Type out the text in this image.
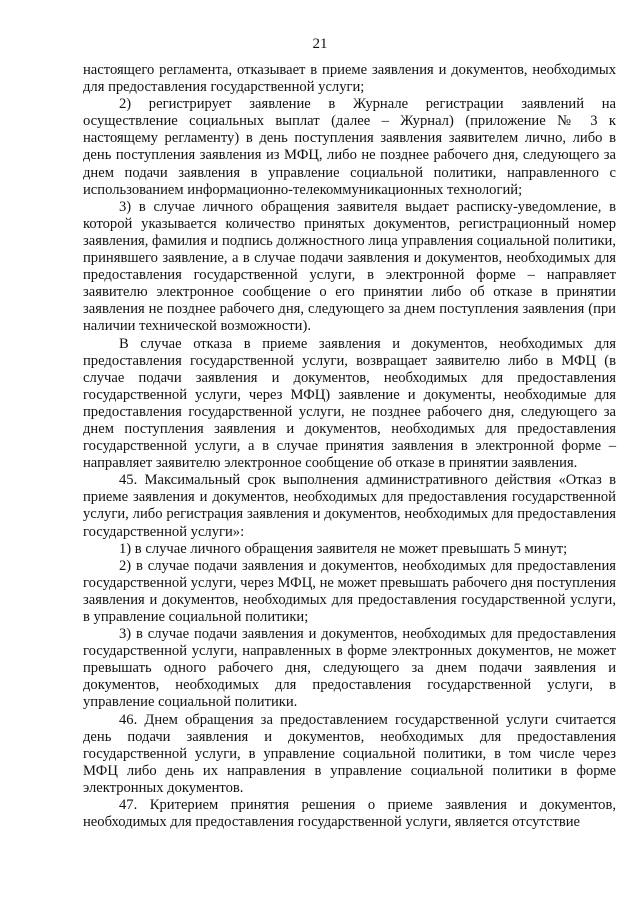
21

настоящего регламента, отказывает в приеме заявления и документов, необходимых для предоставления государственной услуги;

2) регистрирует заявление в Журнале регистрации заявлений на осуществление социальных выплат (далее – Журнал) (приложение № 3 к настоящему регламенту) в день поступления заявления заявителем лично, либо в день поступления заявления из МФЦ, либо не позднее рабочего дня, следующего за днем подачи заявления в управление социальной политики, направленного с использованием информационно-телекоммуникационных технологий;

3) в случае личного обращения заявителя выдает расписку-уведомление, в которой указывается количество принятых документов, регистрационный номер заявления, фамилия и подпись должностного лица управления социальной политики, принявшего заявление, а в случае подачи заявления и документов, необходимых для предоставления государственной услуги, в электронной форме – направляет заявителю электронное сообщение о его принятии либо об отказе в принятии заявления не позднее рабочего дня, следующего за днем поступления заявления (при наличии технической возможности).

В случае отказа в приеме заявления и документов, необходимых для предоставления государственной услуги, возвращает заявителю либо в МФЦ (в случае подачи заявления и документов, необходимых для предоставления государственной услуги, через МФЦ) заявление и документы, необходимые для предоставления государственной услуги, не позднее рабочего дня, следующего за днем поступления заявления и документов, необходимых для предоставления государственной услуги, а в случае принятия заявления в электронной форме – направляет заявителю электронное сообщение об отказе в принятии заявления.

45. Максимальный срок выполнения административного действия «Отказ в приеме заявления и документов, необходимых для предоставления государственной услуги, либо регистрация заявления и документов, необходимых для предоставления государственной услуги»:

1) в случае личного обращения заявителя не может превышать 5 минут;

2) в случае подачи заявления и документов, необходимых для предоставления государственной услуги, через МФЦ, не может превышать рабочего дня поступления заявления и документов, необходимых для предоставления государственной услуги, в управление социальной политики;

3) в случае подачи заявления и документов, необходимых для предоставления государственной услуги, направленных в форме электронных документов, не может превышать одного рабочего дня, следующего за днем подачи заявления и документов, необходимых для предоставления государственной услуги, в управление социальной политики.

46. Днем обращения за предоставлением государственной услуги считается день подачи заявления и документов, необходимых для предоставления государственной услуги, в управление социальной политики, в том числе через МФЦ либо день их направления в управление социальной политики в форме электронных документов.

47. Критерием принятия решения о приеме заявления и документов, необходимых для предоставления государственной услуги, является отсутствие
